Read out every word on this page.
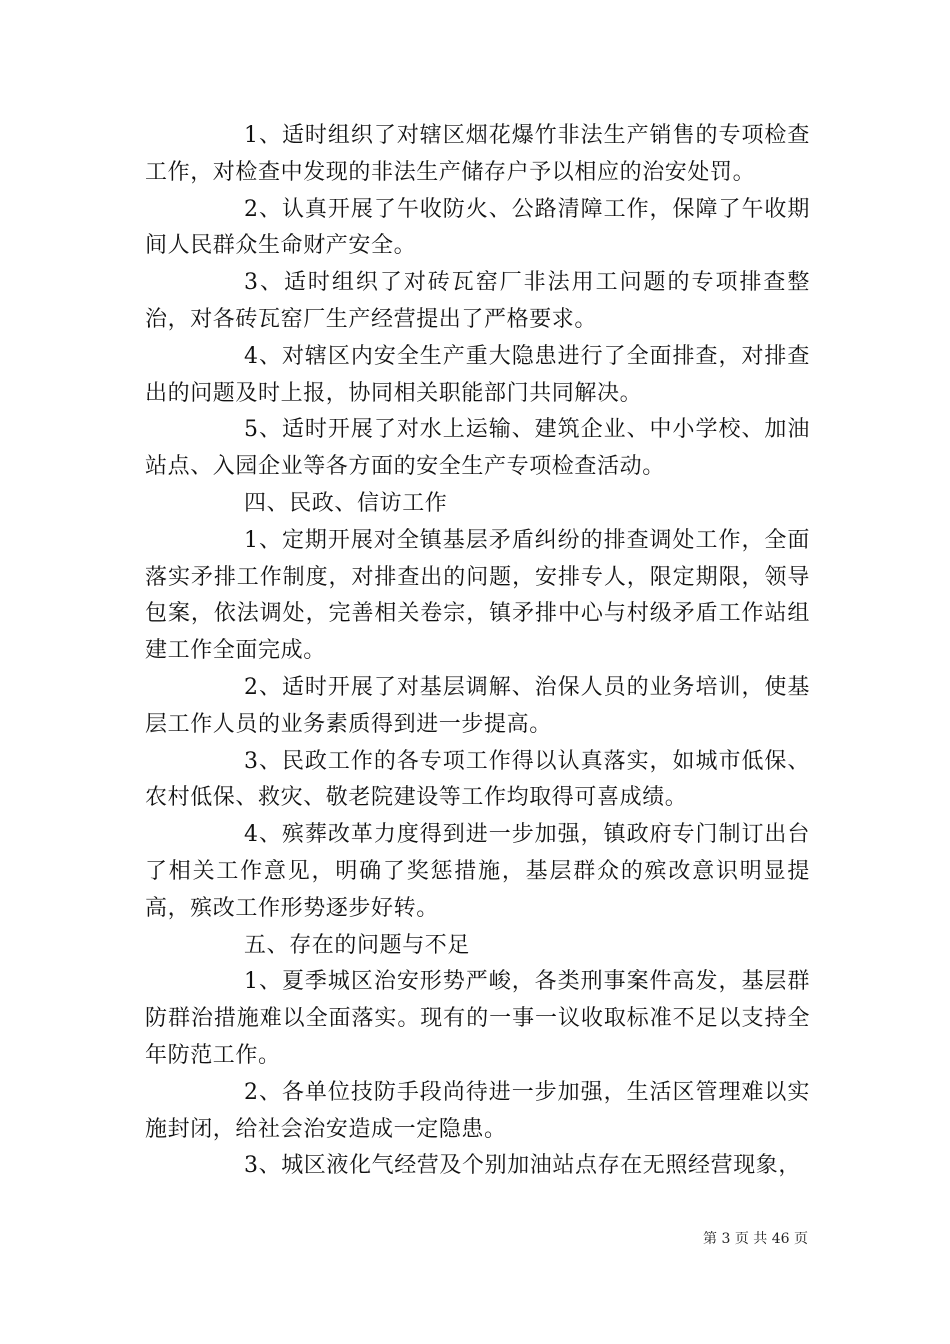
1、适时组织了对辖区烟花爆竹非法生产销售的专项检查工作，对检查中发现的非法生产储存户予以相应的治安处罚。

2、认真开展了午收防火、公路清障工作，保障了午收期间人民群众生命财产安全。

3、适时组织了对砖瓦窑厂非法用工问题的专项排查整治，对各砖瓦窑厂生产经营提出了严格要求。

4、对辖区内安全生产重大隐患进行了全面排查，对排查出的问题及时上报，协同相关职能部门共同解决。

5、适时开展了对水上运输、建筑企业、中小学校、加油站点、入园企业等各方面的安全生产专项检查活动。

四、民政、信访工作

1、定期开展对全镇基层矛盾纠纷的排查调处工作，全面落实矛排工作制度，对排查出的问题，安排专人，限定期限，领导包案，依法调处，完善相关卷宗，镇矛排中心与村级矛盾工作站组建工作全面完成。

2、适时开展了对基层调解、治保人员的业务培训，使基层工作人员的业务素质得到进一步提高。

3、民政工作的各专项工作得以认真落实，如城市低保、农村低保、救灾、敬老院建设等工作均取得可喜成绩。

4、殡葬改革力度得到进一步加强，镇政府专门制订出台了相关工作意见，明确了奖惩措施，基层群众的殡改意识明显提高，殡改工作形势逐步好转。

五、存在的问题与不足

1、夏季城区治安形势严峻，各类刑事案件高发，基层群防群治措施难以全面落实。现有的一事一议收取标准不足以支持全年防范工作。

2、各单位技防手段尚待进一步加强，生活区管理难以实施封闭，给社会治安造成一定隐患。

3、城区液化气经营及个别加油站点存在无照经营现象，

第 3 页 共 46 页
